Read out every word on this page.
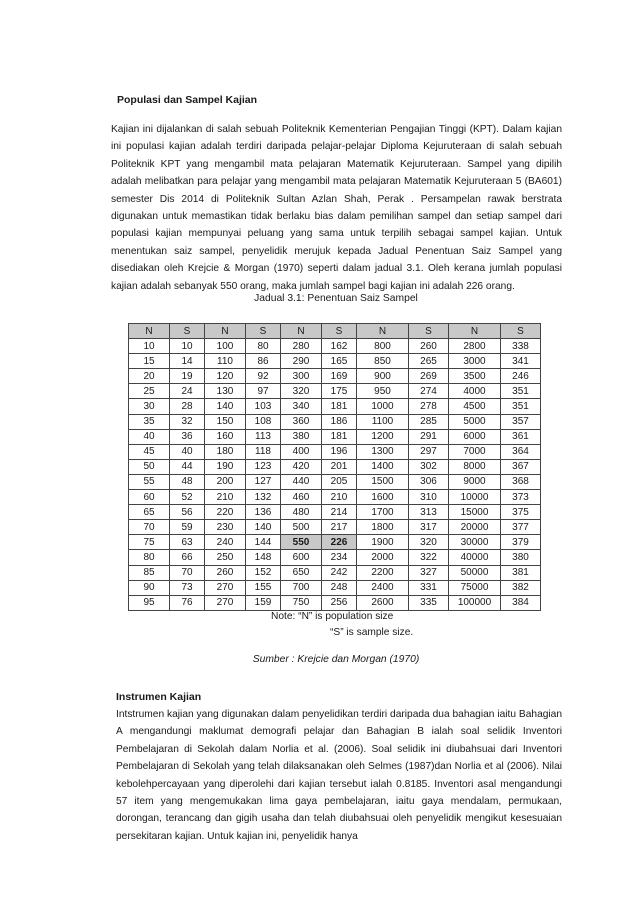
Populasi dan Sampel Kajian
Kajian ini dijalankan di salah sebuah Politeknik Kementerian Pengajian Tinggi (KPT). Dalam kajian ini populasi kajian adalah terdiri daripada pelajar-pelajar Diploma Kejuruteraan di salah sebuah Politeknik KPT yang mengambil mata pelajaran Matematik Kejuruteraan. Sampel yang dipilih adalah melibatkan para pelajar yang mengambil mata pelajaran Matematik Kejuruteraan 5 (BA601) semester Dis 2014 di Politeknik Sultan Azlan Shah, Perak . Persampelan rawak berstrata digunakan untuk memastikan tidak berlaku bias dalam pemilihan sampel dan setiap sampel dari populasi kajian mempunyai peluang yang sama untuk terpilih sebagai sampel kajian. Untuk menentukan saiz sampel, penyelidik merujuk kepada Jadual Penentuan Saiz Sampel yang disediakan oleh Krejcie & Morgan (1970) seperti dalam jadual 3.1. Oleh kerana jumlah populasi kajian adalah sebanyak 550 orang, maka jumlah sampel bagi kajian ini adalah 226 orang.
Jadual 3.1: Penentuan Saiz Sampel
N	S	N	S	N	S	N	S	N	S
10	10	100	80	280	162	800	260	2800	338
15	14	110	86	290	165	850	265	3000	341
20	19	120	92	300	169	900	269	3500	246
25	24	130	97	320	175	950	274	4000	351
30	28	140	103	340	181	1000	278	4500	351
35	32	150	108	360	186	1100	285	5000	357
40	36	160	113	380	181	1200	291	6000	361
45	40	180	118	400	196	1300	297	7000	364
50	44	190	123	420	201	1400	302	8000	367
55	48	200	127	440	205	1500	306	9000	368
60	52	210	132	460	210	1600	310	10000	373
65	56	220	136	480	214	1700	313	15000	375
70	59	230	140	500	217	1800	317	20000	377
75	63	240	144	550	226	1900	320	30000	379
80	66	250	148	600	234	2000	322	40000	380
85	70	260	152	650	242	2200	327	50000	381
90	73	270	155	700	248	2400	331	75000	382
95	76	270	159	750	256	2600	335	100000	384
Note: “N” is population size
“S” is sample size.
Sumber : Krejcie dan Morgan (1970)
Instrumen Kajian
Intstrumen kajian yang digunakan dalam penyelidikan terdiri daripada dua bahagian iaitu Bahagian A mengandungi maklumat demografi pelajar dan Bahagian B ialah soal selidik Inventori Pembelajaran di Sekolah dalam Norlia et al. (2006). Soal selidik ini diubahsuai dari Inventori Pembelajaran di Sekolah yang telah dilaksanakan oleh Selmes (1987)dan Norlia et al (2006). Nilai kebolehpercayaan yang diperolehi dari kajian tersebut ialah 0.8185. Inventori asal mengandungi 57 item yang mengemukakan lima gaya pembelajaran, iaitu gaya mendalam, permukaan, dorongan, terancang dan gigih usaha dan telah diubahsuai oleh penyelidik mengikut kesesuaian persekitaran kajian. Untuk kajian ini, penyelidik hanya
